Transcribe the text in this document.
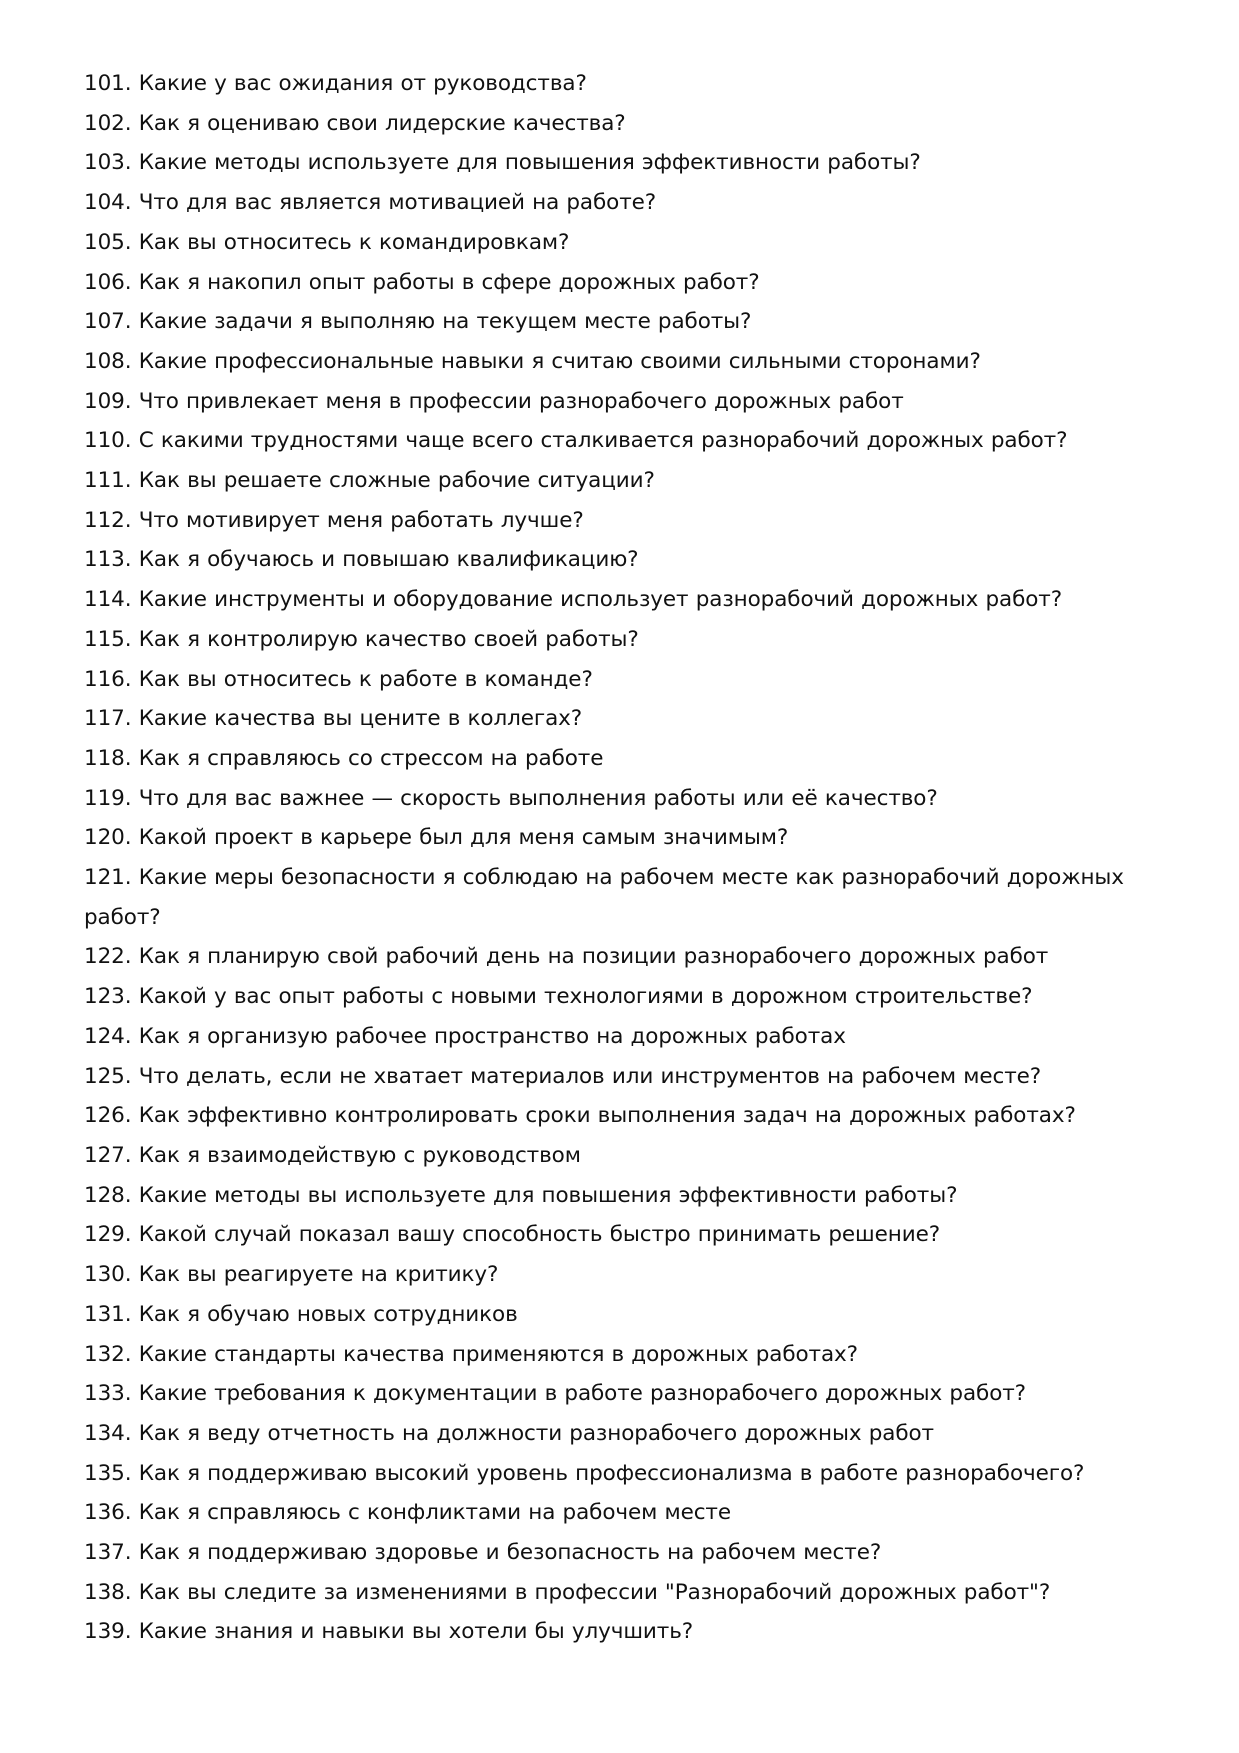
101. Какие у вас ожидания от руководства?
102. Как я оцениваю свои лидерские качества?
103. Какие методы используете для повышения эффективности работы?
104. Что для вас является мотивацией на работе?
105. Как вы относитесь к командировкам?
106. Как я накопил опыт работы в сфере дорожных работ?
107. Какие задачи я выполняю на текущем месте работы?
108. Какие профессиональные навыки я считаю своими сильными сторонами?
109. Что привлекает меня в профессии разнорабочего дорожных работ
110. С какими трудностями чаще всего сталкивается разнорабочий дорожных работ?
111. Как вы решаете сложные рабочие ситуации?
112. Что мотивирует меня работать лучше?
113. Как я обучаюсь и повышаю квалификацию?
114. Какие инструменты и оборудование использует разнорабочий дорожных работ?
115. Как я контролирую качество своей работы?
116. Как вы относитесь к работе в команде?
117. Какие качества вы цените в коллегах?
118. Как я справляюсь со стрессом на работе
119. Что для вас важнее — скорость выполнения работы или её качество?
120. Какой проект в карьере был для меня самым значимым?
121. Какие меры безопасности я соблюдаю на рабочем месте как разнорабочий дорожных работ?
122. Как я планирую свой рабочий день на позиции разнорабочего дорожных работ
123. Какой у вас опыт работы с новыми технологиями в дорожном строительстве?
124. Как я организую рабочее пространство на дорожных работах
125. Что делать, если не хватает материалов или инструментов на рабочем месте?
126. Как эффективно контролировать сроки выполнения задач на дорожных работах?
127. Как я взаимодействую с руководством
128. Какие методы вы используете для повышения эффективности работы?
129. Какой случай показал вашу способность быстро принимать решение?
130. Как вы реагируете на критику?
131. Как я обучаю новых сотрудников
132. Какие стандарты качества применяются в дорожных работах?
133. Какие требования к документации в работе разнорабочего дорожных работ?
134. Как я веду отчетность на должности разнорабочего дорожных работ
135. Как я поддерживаю высокий уровень профессионализма в работе разнорабочего?
136. Как я справляюсь с конфликтами на рабочем месте
137. Как я поддерживаю здоровье и безопасность на рабочем месте?
138. Как вы следите за изменениями в профессии "Разнорабочий дорожных работ"?
139. Какие знания и навыки вы хотели бы улучшить?
